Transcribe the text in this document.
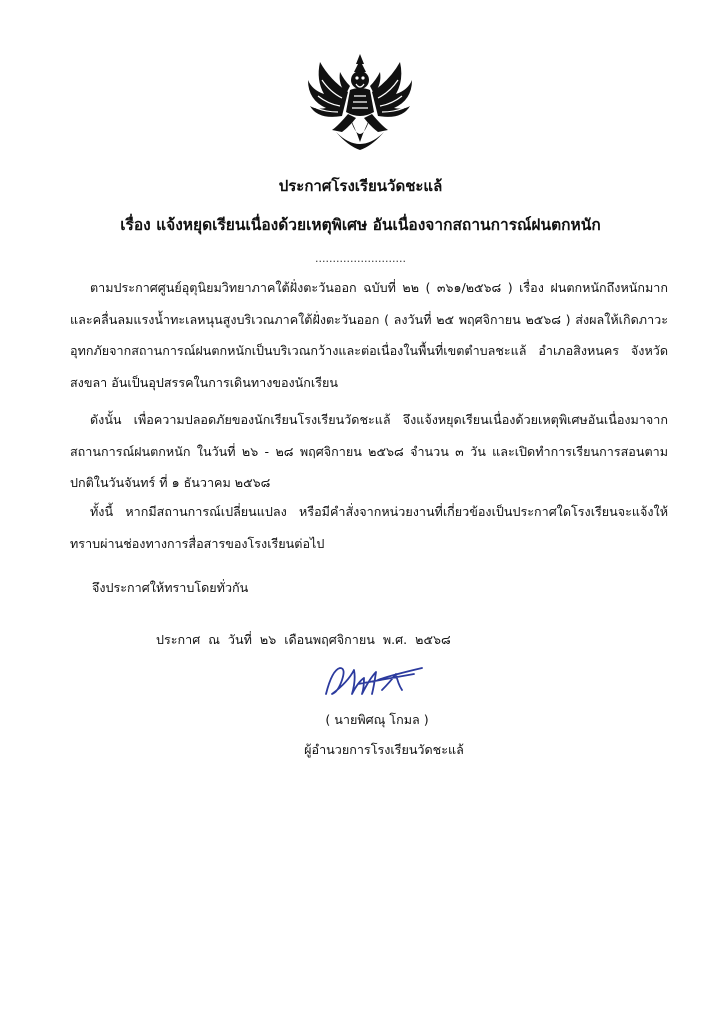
ประกาศโรงเรียนวัดชะแล้
เรื่อง แจ้งหยุดเรียนเนื่องด้วยเหตุพิเศษ อันเนื่องจากสถานการณ์ฝนตกหนัก
..........................

ตามประกาศศูนย์อุตุนิยมวิทยาภาคใต้ฝั่งตะวันออก ฉบับที่ ๒๒ ( ๓๖๑/๒๕๖๘ ) เรื่อง ฝนตกหนักถึงหนักมากและคลื่นลมแรงน้ำทะเลหนุนสูงบริเวณภาคใต้ฝั่งตะวันออก ( ลงวันที่ ๒๕ พฤศจิกายน ๒๕๖๘ ) ส่งผลให้เกิดภาวะอุทกภัยจากสถานการณ์ฝนตกหนักเป็นบริเวณกว้างและต่อเนื่องในพื้นที่เขตตำบลชะแล้ อำเภอสิงหนคร จังหวัดสงขลา อันเป็นอุปสรรคในการเดินทางของนักเรียน

ดังนั้น เพื่อความปลอดภัยของนักเรียนโรงเรียนวัดชะแล้ จึงแจ้งหยุดเรียนเนื่องด้วยเหตุพิเศษอันเนื่องมาจากสถานการณ์ฝนตกหนัก ในวันที่ ๒๖ - ๒๘ พฤศจิกายน ๒๕๖๘ จำนวน ๓ วัน และเปิดทำการเรียนการสอนตามปกติในวันจันทร์ ที่ ๑ ธันวาคม ๒๕๖๘

ทั้งนี้ หากมีสถานการณ์เปลี่ยนแปลง หรือมีคำสั่งจากหน่วยงานที่เกี่ยวข้องเป็นประกาศใดโรงเรียนจะแจ้งให้ทราบผ่านช่องทางการสื่อสารของโรงเรียนต่อไป

จึงประกาศให้ทราบโดยทั่วกัน
ประกาศ ณ วันที่ ๒๖ เดือนพฤศจิกายน พ.ศ. ๒๕๖๘
( นายพิศณุ โกมล )
ผู้อำนวยการโรงเรียนวัดชะแล้
